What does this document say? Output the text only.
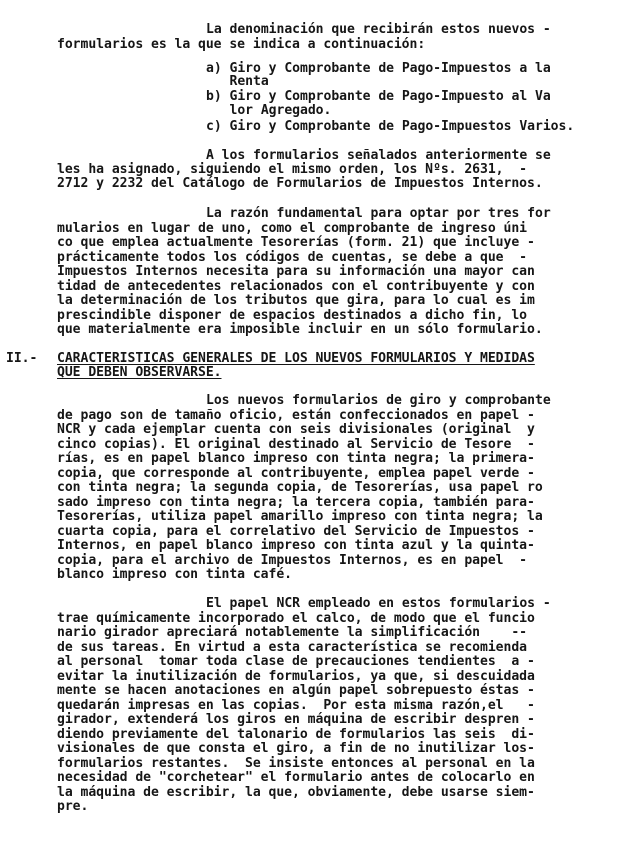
La denominación que recibirán estos nuevos -
formularios es la que se indica a continuación:
a) Giro y Comprobante de Pago-Impuestos a la
Renta
b) Giro y Comprobante de Pago-Impuesto al Va
lor Agregado.
c) Giro y Comprobante de Pago-Impuestos Varios.
A los formularios señalados anteriormente se
les ha asignado, siguiendo el mismo orden, los Nºs. 2631,  -
2712 y 2232 del Catálogo de Formularios de Impuestos Internos.
La razón fundamental para optar por tres for
mularios en lugar de uno, como el comprobante de ingreso úni
co que emplea actualmente Tesorerías (form. 21) que incluye -
prácticamente todos los códigos de cuentas, se debe a que  -
Impuestos Internos necesita para su información una mayor can
tidad de antecedentes relacionados con el contribuyente y con
la determinación de los tributos que gira, para lo cual es im
prescindible disponer de espacios destinados a dicho fin, lo
que materialmente era imposible incluir en un sólo formulario.
II.- CARACTERISTICAS GENERALES DE LOS NUEVOS FORMULARIOS Y MEDIDAS
QUE DEBEN OBSERVARSE.
Los nuevos formularios de giro y comprobante
de pago son de tamaño oficio, están confeccionados en papel -
NCR y cada ejemplar cuenta con seis divisionales (original  y
cinco copias). El original destinado al Servicio de Tesore  -
rías, es en papel blanco impreso con tinta negra; la primera-
copia, que corresponde al contribuyente, emplea papel verde -
con tinta negra; la segunda copia, de Tesorerías, usa papel ro
sado impreso con tinta negra; la tercera copia, también para-
Tesorerías, utiliza papel amarillo impreso con tinta negra; la
cuarta copia, para el correlativo del Servicio de Impuestos -
Internos, en papel blanco impreso con tinta azul y la quinta-
copia, para el archivo de Impuestos Internos, es en papel  -
blanco impreso con tinta café.
El papel NCR empleado en estos formularios -
trae químicamente incorporado el calco, de modo que el funcio
nario girador apreciará notablemente la simplificación    --
de sus tareas. En virtud a esta característica se recomienda
al personal  tomar toda clase de precauciones tendientes  a -
evitar la inutilización de formularios, ya que, si descuidada
mente se hacen anotaciones en algún papel sobrepuesto éstas -
quedarán impresas en las copias.  Por esta misma razón,el   -
girador, extenderá los giros en máquina de escribir despren -
diendo previamente del talonario de formularios las seis  di-
visionales de que consta el giro, a fin de no inutilizar los-
formularios restantes.  Se insiste entonces al personal en la
necesidad de "corchetear" el formulario antes de colocarlo en
la máquina de escribir, la que, obviamente, debe usarse siem-
pre.
